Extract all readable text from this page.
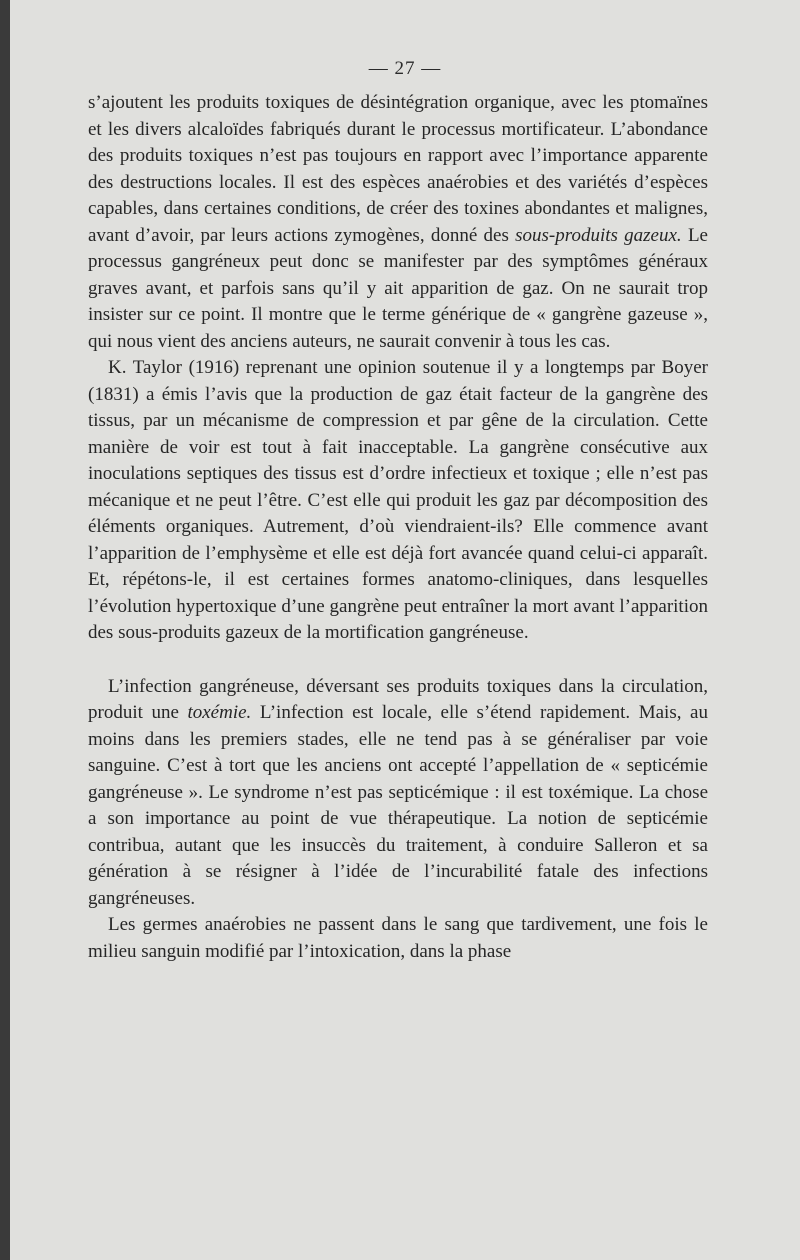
— 27 —

s’ajoutent les produits toxiques de désintégration organique, avec les ptomaïnes et les divers alcaloïdes fabriqués durant le processus mortificateur. L’abondance des produits toxiques n’est pas toujours en rapport avec l’importance apparente des destructions locales. Il est des espèces anaérobies et des variétés d’espèces capables, dans certaines conditions, de créer des toxines abondantes et malignes, avant d’avoir, par leurs actions zymogènes, donné des sous-produits gazeux. Le processus gangréneux peut donc se manifester par des symptômes généraux graves avant, et parfois sans qu’il y ait apparition de gaz. On ne saurait trop insister sur ce point. Il montre que le terme générique de « gangrène gazeuse », qui nous vient des anciens auteurs, ne saurait convenir à tous les cas.

K. Taylor (1916) reprenant une opinion soutenue il y a longtemps par Boyer (1831) a émis l’avis que la production de gaz était facteur de la gangrène des tissus, par un mécanisme de compression et par gêne de la circulation. Cette manière de voir est tout à fait inacceptable. La gangrène consécutive aux inoculations septiques des tissus est d’ordre infectieux et toxique ; elle n’est pas mécanique et ne peut l’être. C’est elle qui produit les gaz par décomposition des éléments organiques. Autrement, d’où viendraient-ils? Elle commence avant l’apparition de l’emphysème et elle est déjà fort avancée quand celui-ci apparaît. Et, répétons-le, il est certaines formes anatomo-cliniques, dans lesquelles l’évolution hypertoxique d’une gangrène peut entraîner la mort avant l’apparition des sous-produits gazeux de la mortification gangréneuse.

L’infection gangréneuse, déversant ses produits toxiques dans la circulation, produit une toxémie. L’infection est locale, elle s’étend rapidement. Mais, au moins dans les premiers stades, elle ne tend pas à se généraliser par voie sanguine. C’est à tort que les anciens ont accepté l’appellation de « septicémie gangréneuse ». Le syndrome n’est pas septicémique : il est toxémique. La chose a son importance au point de vue thérapeutique. La notion de septicémie contribua, autant que les insuccès du traitement, à conduire Salleron et sa génération à se résigner à l’idée de l’incurabilité fatale des infections gangréneuses.

Les germes anaérobies ne passent dans le sang que tardivement, une fois le milieu sanguin modifié par l’intoxication, dans la phase
